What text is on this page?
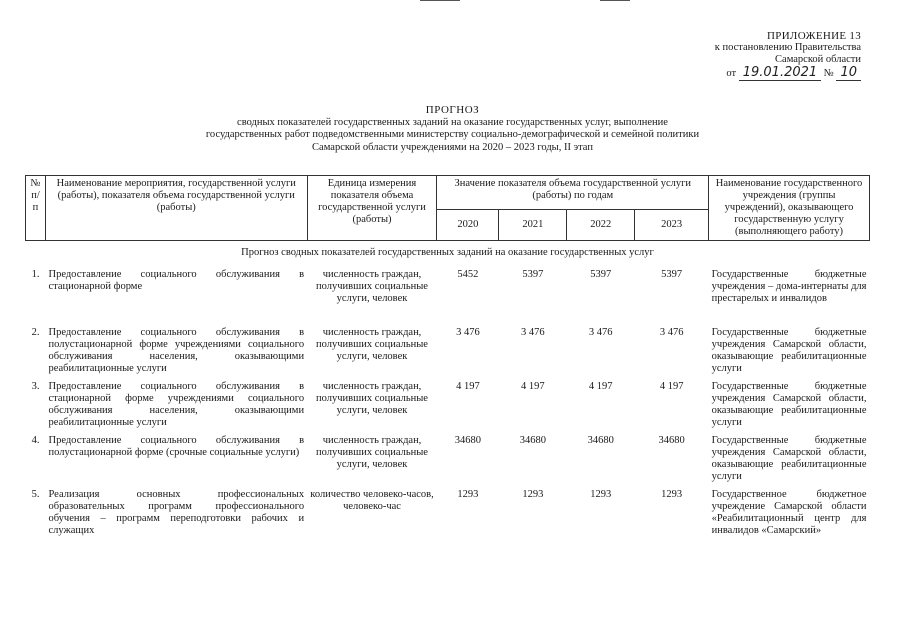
ПРИЛОЖЕНИЕ 13
к постановлению Правительства
Самарской области
от 19.01.2021 № 10
ПРОГНОЗ
сводных показателей государственных заданий на оказание государственных услуг, выполнение
государственных работ подведомственными министерству социально-демографической и семейной политики
Самарской области учреждениями на 2020 – 2023 годы, II этап
№ п/п	Наименование мероприятия, государственной услуги (работы), показателя объема государственной услуги (работы)	Единица измерения показателя объема государственной услуги (работы)	Значение показателя объема государственной услуги (работы) по годам				Наименование государственного учреждения (группы учреждений), оказывающего государственную услугу (выполняющего работу)
			2020	2021	2022	2023	
Прогноз сводных показателей государственных заданий на оказание государственных услуг							
1.	Предоставление социального обслуживания в стационарной форме	численность граждан, получивших социальные услуги, человек	5452	5397	5397	5397	Государственные бюджетные учреждения – дома-интернаты для престарелых и инвалидов
2.	Предоставление социального обслуживания в полустационарной форме учреждениями социального обслуживания населения, оказывающими реабилитационные услуги	численность граждан, получивших социальные услуги, человек	3 476	3 476	3 476	3 476	Государственные бюджетные учреждения Самарской области, оказывающие реабилитационные услуги
3.	Предоставление социального обслуживания в стационарной форме учреждениями социального обслуживания населения, оказывающими реабилитационные услуги	численность граждан, получивших социальные услуги, человек	4 197	4 197	4 197	4 197	Государственные бюджетные учреждения Самарской области, оказывающие реабилитационные услуги
4.	Предоставление социального обслуживания в полустационарной форме (срочные социальные услуги)	численность граждан, получивших социальные услуги, человек	34680	34680	34680	34680	Государственные бюджетные учреждения Самарской области, оказывающие реабилитационные услуги
5.	Реализация основных профессиональных образовательных программ профессионального обучения – программ переподготовки рабочих и служащих	количество человеко-часов, человеко-час	1293	1293	1293	1293	Государственное бюджетное учреждение Самарской области «Реабилитационный центр для инвалидов «Самарский»
